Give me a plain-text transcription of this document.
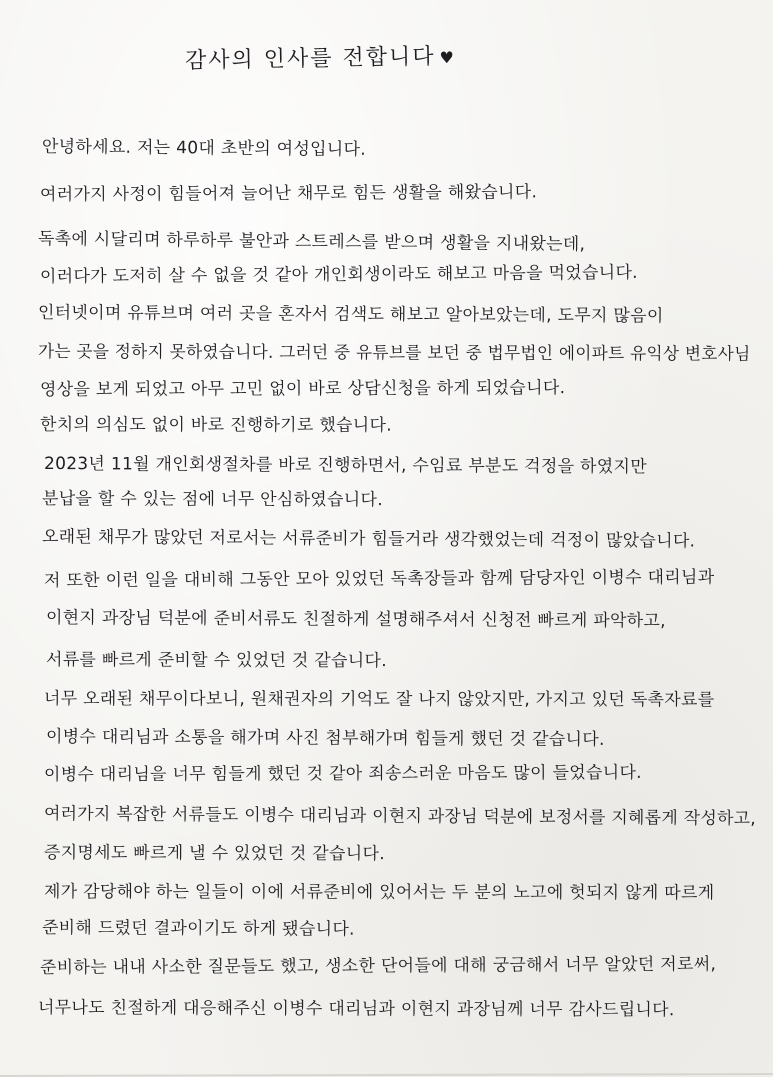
감사의 인사를 전합니다 ♥
안녕하세요. 저는 40대 초반의 여성입니다.
여러가지 사정이 힘들어져 늘어난 채무로 힘든 생활을 해왔습니다.
독촉에 시달리며 하루하루 불안과 스트레스를 받으며 생활을 지내왔는데,
이러다가 도저히 살 수 없을 것 같아 개인회생이라도 해보고 마음을 먹었습니다.
인터넷이며 유튜브며 여러 곳을 혼자서 검색도 해보고 알아보았는데, 도무지 많음이
가는 곳을 정하지 못하였습니다. 그러던 중 유튜브를 보던 중 법무법인 에이파트 유익상 변호사님
영상을 보게 되었고 아무 고민 없이 바로 상담신청을 하게 되었습니다.
한치의 의심도 없이 바로 진행하기로 했습니다.
2023년 11월 개인회생절차를 바로 진행하면서, 수임료 부분도 걱정을 하였지만
분납을 할 수 있는 점에 너무 안심하였습니다.
오래된 채무가 많았던 저로서는 서류준비가 힘들거라 생각했었는데 걱정이 많았습니다.
저 또한 이런 일을 대비해 그동안 모아 있었던 독촉장들과 함께 담당자인 이병수 대리님과
이현지 과장님 덕분에 준비서류도 친절하게 설명해주셔서 신청전 빠르게 파악하고,
서류를 빠르게 준비할 수 있었던 것 같습니다.
너무 오래된 채무이다보니, 원채권자의 기억도 잘 나지 않았지만, 가지고 있던 독촉자료를
이병수 대리님과 소통을 해가며 사진 첨부해가며 힘들게 했던 것 같습니다.
이병수 대리님을 너무 힘들게 했던 것 같아 죄송스러운 마음도 많이 들었습니다.
여러가지 복잡한 서류들도 이병수 대리님과 이현지 과장님 덕분에 보정서를 지혜롭게 작성하고,
증지명세도 빠르게 낼 수 있었던 것 같습니다.
제가 감당해야 하는 일들이 이에 서류준비에 있어서는 두 분의 노고에 헛되지 않게 따르게
준비해 드렸던 결과이기도 하게 됐습니다.
준비하는 내내 사소한 질문들도 했고, 생소한 단어들에 대해 궁금해서 너무 알았던 저로써,
너무나도 친절하게 대응해주신 이병수 대리님과 이현지 과장님께 너무 감사드립니다.
